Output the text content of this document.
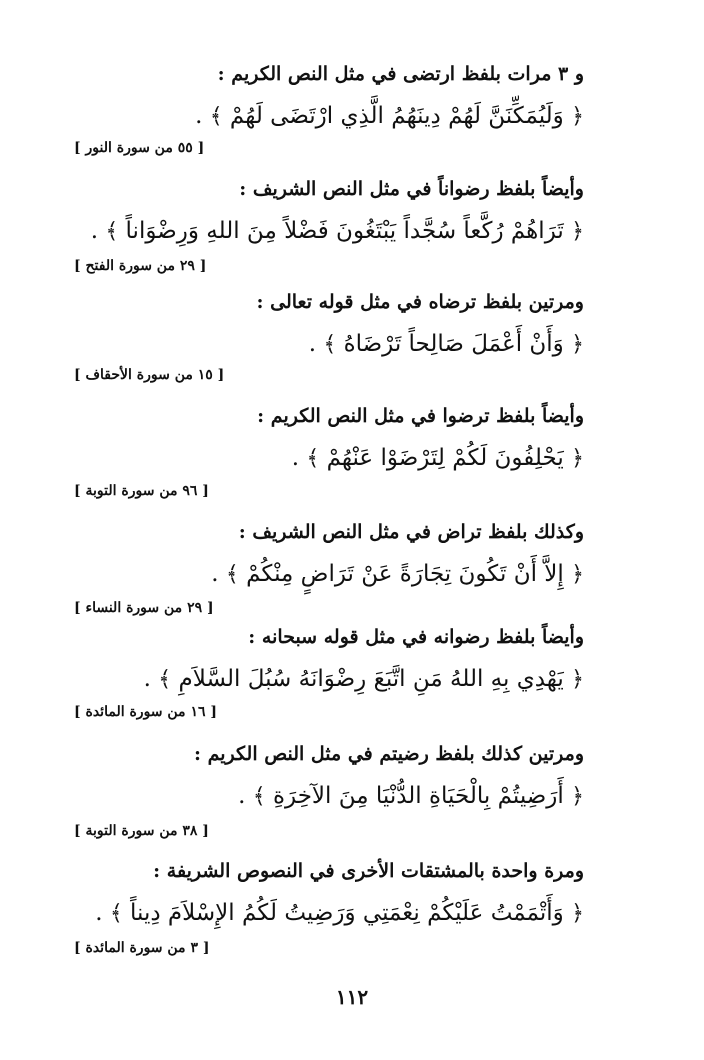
و ٣ مرات بلفظ ارتضى في مثل النص الكريم :
﴿ وَلَيُمَكِّنَنَّ لَهُمْ دِينَهُمُ الَّذِي ارْتَضَى لَهُمْ ﴾ .
[ ٥٥ من سورة النور ]
وأيضاً بلفظ رضواناً في مثل النص الشريف :
﴿ تَرَاهُمْ رُكَّعاً سُجَّداً يَبْتَغُونَ فَضْلاً مِنَ اللهِ وَرِضْوَاناً ﴾ .
[ ٢٩ من سورة الفتح ]
ومرتين بلفظ ترضاه في مثل قوله تعالى :
﴿ وَأَنْ أَعْمَلَ صَالِحاً تَرْضَاهُ ﴾ .
[ ١٥ من سورة الأحقاف ]
وأيضاً بلفظ ترضوا في مثل النص الكريم :
﴿ يَحْلِفُونَ لَكُمْ لِتَرْضَوْا عَنْهُمْ ﴾ .
[ ٩٦ من سورة التوبة ]
وكذلك بلفظ تراض في مثل النص الشريف :
﴿ إِلاَّ أَنْ تَكُونَ تِجَارَةً عَنْ تَرَاضٍ مِنْكُمْ ﴾ .
[ ٢٩ من سورة النساء ]
وأيضاً بلفظ رضوانه في مثل قوله سبحانه :
﴿ يَهْدِي بِهِ اللهُ مَنِ اتَّبَعَ رِضْوَانَهُ سُبُلَ السَّلاَمِ ﴾ .
[ ١٦ من سورة المائدة ]
ومرتين كذلك بلفظ رضيتم في مثل النص الكريم :
﴿ أَرَضِيتُمْ بِالْحَيَاةِ الدُّنْيَا مِنَ الآخِرَةِ ﴾ .
[ ٣٨ من سورة التوبة ]
ومرة واحدة بالمشتقات الأخرى في النصوص الشريفة :
﴿ وَأَتْمَمْتُ عَلَيْكُمْ نِعْمَتِي وَرَضِيتُ لَكُمُ الإِسْلاَمَ دِيناً ﴾ .
[ ٣ من سورة المائدة ]
١١٢
